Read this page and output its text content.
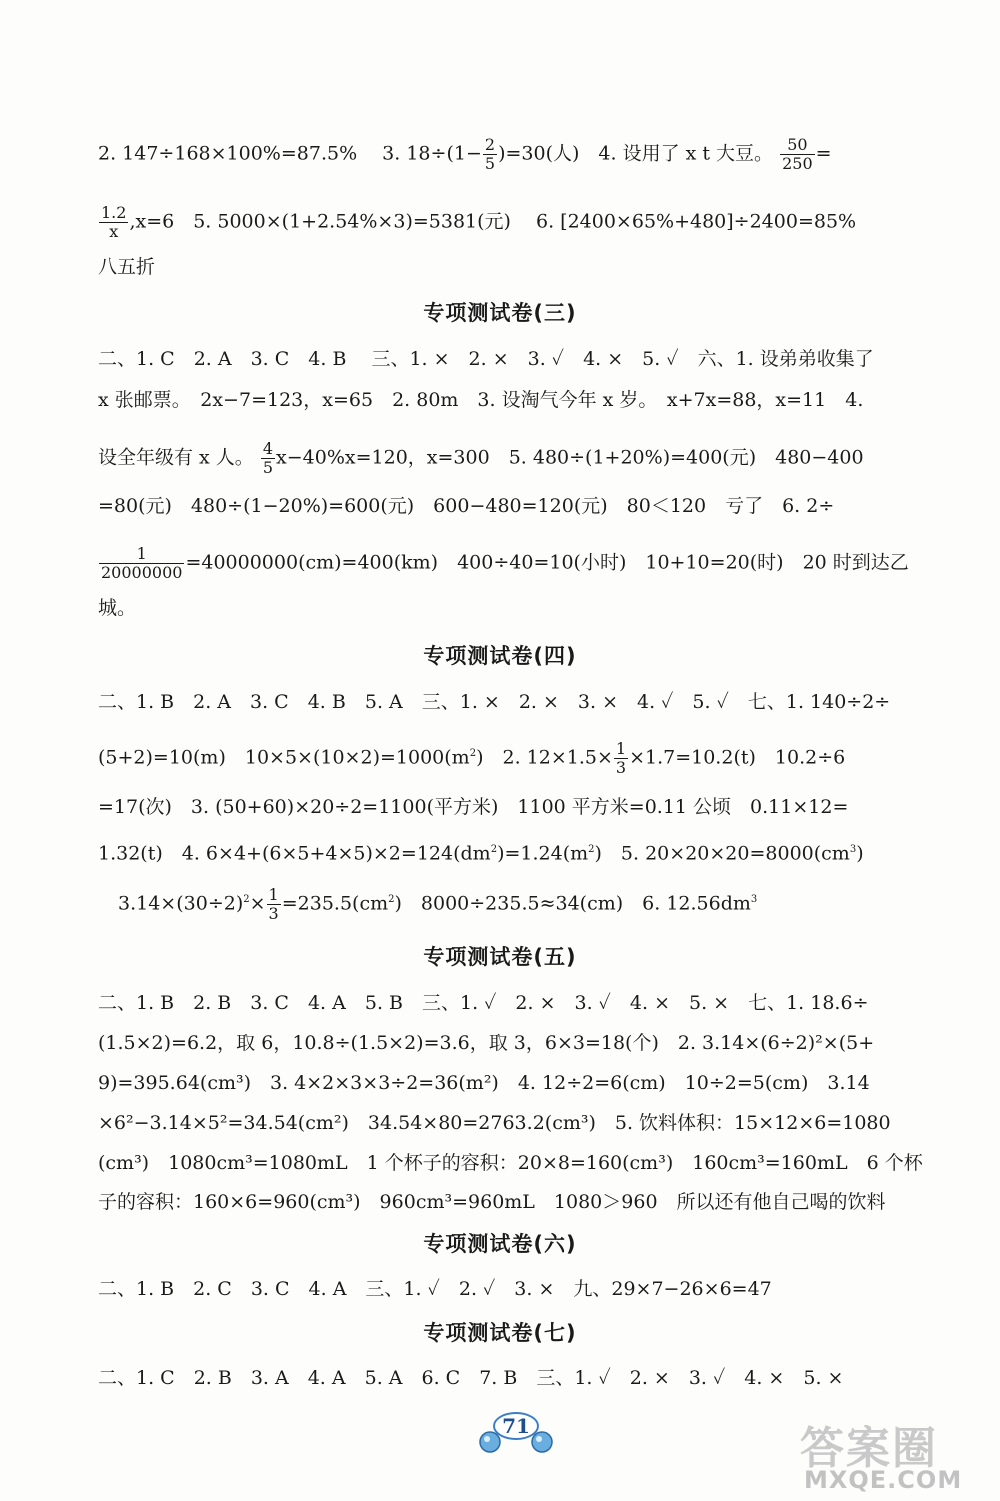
2. 147÷168×100%=87.5%　 3. $18\div(1- \frac{2}{5} )=30$(人)　4. 设用了 x t 大豆。 $\frac{50}{250}$ =
$\frac{1.2}{x} ,x=6$　5. 5000×(1+2.54%×3)=5381(元)　 6. [2400×65%+480]÷2400=85%
八五折
专项测试卷(三)
二、1. C　2. A　3. C　4. B　 三、1. ×　2. ×　3. ✓　4. ×　5. ✓　六、1. 设弟弟收集了
x 张邮票。　2x−7=123，x=65　2. 80m　3. 设淘气今年 x 岁。　x+7x=88，x=11　4.
设全年级有 x 人。 $\frac{4}{5} x-40\%x=120$，x=300　5. 480÷(1+20%)=400(元)　480−400
=80(元)　480÷(1−20%)=600(元)　600−480=120(元)　80＜120　亏了　6. 2÷
$\frac{1}{20000000} =40000000(cm)=400(km)$　400÷40=10(小时)　10+10=20(时)　20 时到达乙
城。
专项测试卷(四)
二、1. B　2. A　3. C　4. B　5. A　三、1. ×　2. ×　3. ×　4. ✓　5. ✓　七、1. 140÷2÷
(5+2)=10(m)　$10\times 5\times(10\times 2)=1000(m^2)$　2. $12\times 1.5\times \frac{1}{3} \times 1.7=10.2(t)$　10.2÷6
=17(次)　3. (50+60)×20÷2=1100(平方米)　1100 平方米=0.11 公顷　0.11×12=
1.32(t)　4. $6\times 4+(6\times 5+4\times 5)\times 2=124(dm^2)=1.24(m^2)$　5. $20\times 20\times 20=8000(cm^3)$
$3.14\times(30\div 2)^2\times \frac{1}{3} =235.5(cm^2)$　8000÷235.5≈34(cm)　6. $12.56dm^3$
专项测试卷(五)
二、1. B　2. B　3. C　4. A　5. B　三、1. ✓　2. ×　3. ✓　4. ×　5. ×　七、1. 18.6÷
(1.5×2)=6.2，取 6，10.8÷(1.5×2)=3.6，取 3，6×3=18(个)　2. 3.14×(6÷2)²×(5+
9)=395.64(cm³)　3. 4×2×3×3÷2=36(m²)　4. 12÷2=6(cm)　10÷2=5(cm)　3.14
×6²−3.14×5²=34.54(cm²)　34.54×80=2763.2(cm³)　5. 饮料体积：15×12×6=1080
(cm³)　1080cm³=1080mL　1 个杯子的容积：20×8=160(cm³)　160cm³=160mL　6 个杯
子的容积：160×6=960(cm³)　960cm³=960mL　1080＞960　所以还有他自己喝的饮料
专项测试卷(六)
二、1. B　2. C　3. C　4. A　三、1. ✓　2. ✓　3. ×　九、29×7−26×6=47
专项测试卷(七)
二、1. C　2. B　3. A　4. A　5. A　6. C　7. B　三、1. ✓　2. ×　3. ✓　4. ×　5. ×
71	答案圈
MXQE.COM
